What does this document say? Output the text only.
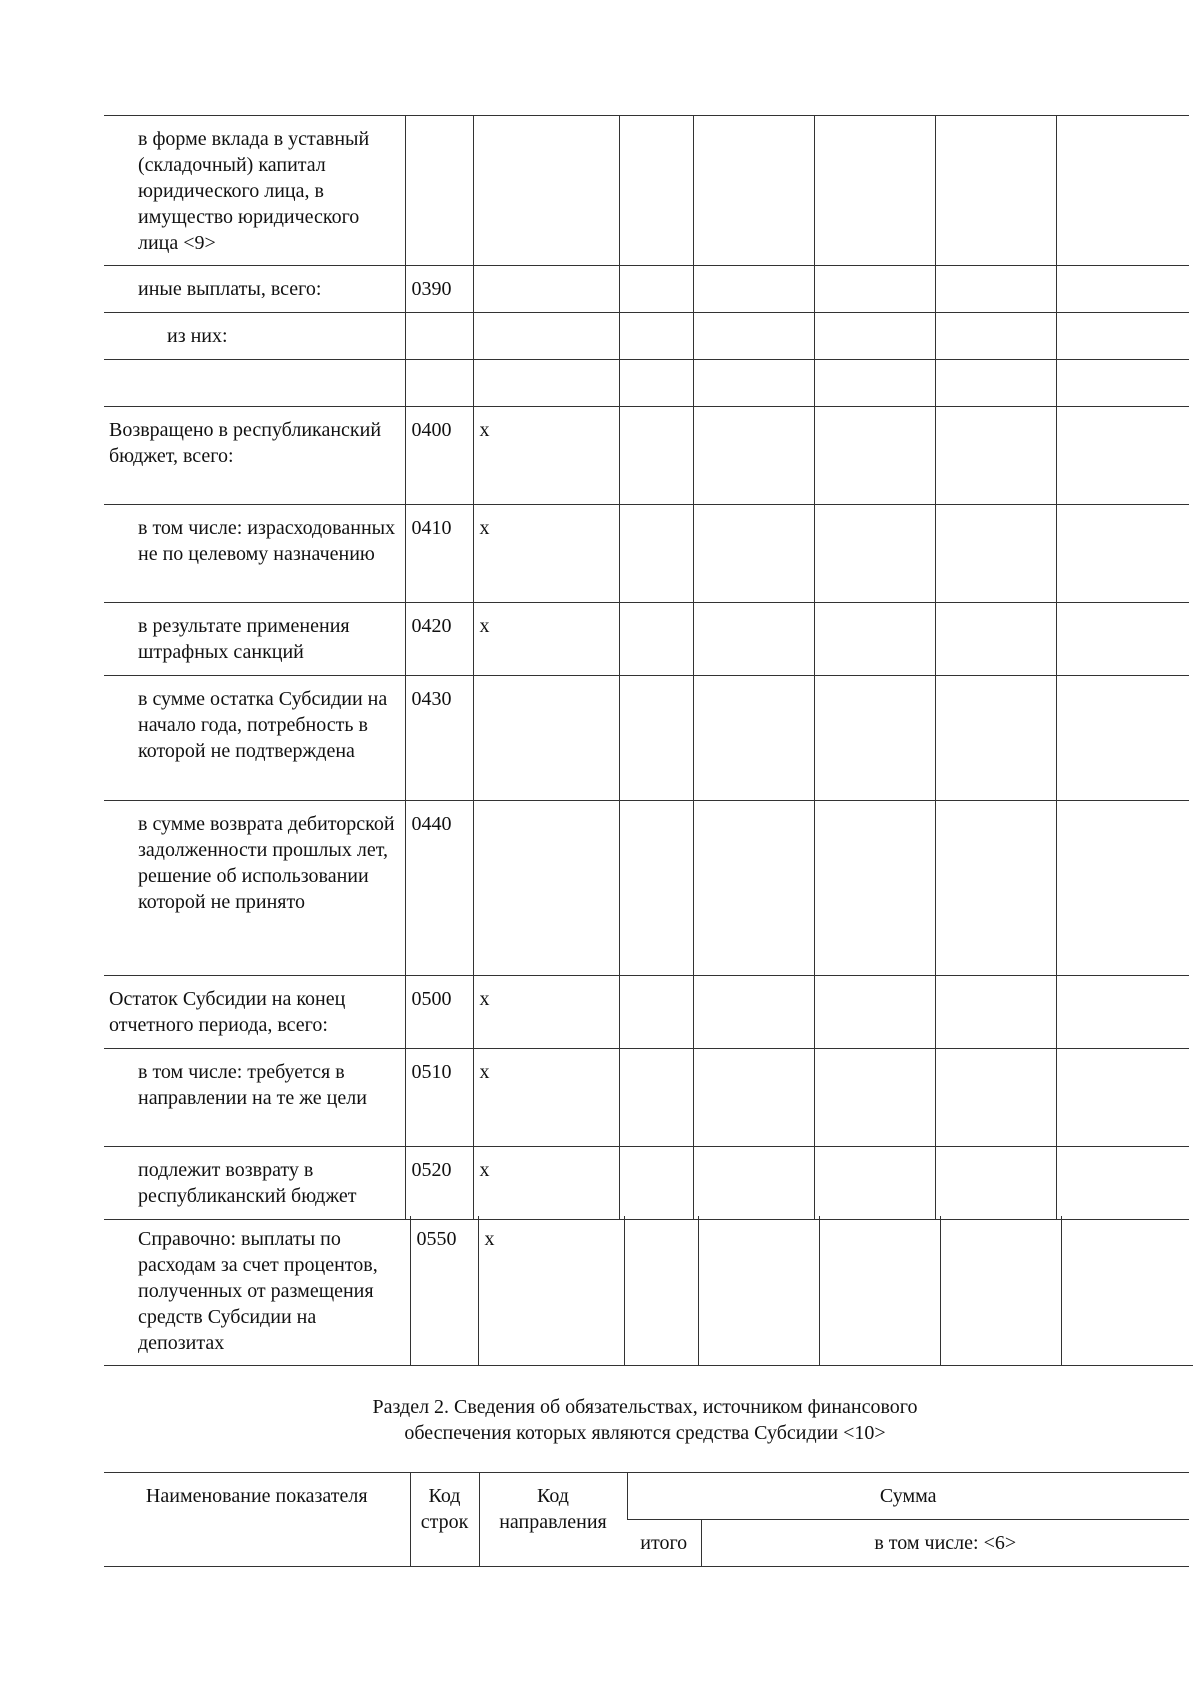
в форме вклада в уставный (складочный) капитал юридического лица, в имущество юридического лица <9>							
иные выплаты, всего:	0390						
из них:							

Возвращено в республиканский бюджет, всего:	0400	x					
в том числе: израсходованных не по целевому назначению	0410	x					
в результате применения штрафных санкций	0420	x					
в сумме остатка Субсидии на начало года, потребность в которой не подтверждена	0430						
в сумме возврата дебиторской задолженности прошлых лет, решение об использовании которой не принято	0440						
Остаток Субсидии на конец отчетного периода, всего:	0500	x					
в том числе: требуется в направлении на те же цели	0510	x					
подлежит возврату в республиканский бюджет	0520	x					
Справочно: выплаты по расходам за счет процентов, полученных от размещения средств Субсидии на депозитах	0550	x					
Раздел 2. Сведения об обязательствах, источником финансового
обеспечения которых являются средства Субсидии <10>
Наименование показателя	Код строк	Код направления	Сумма	
			итого	в том числе: <6>
